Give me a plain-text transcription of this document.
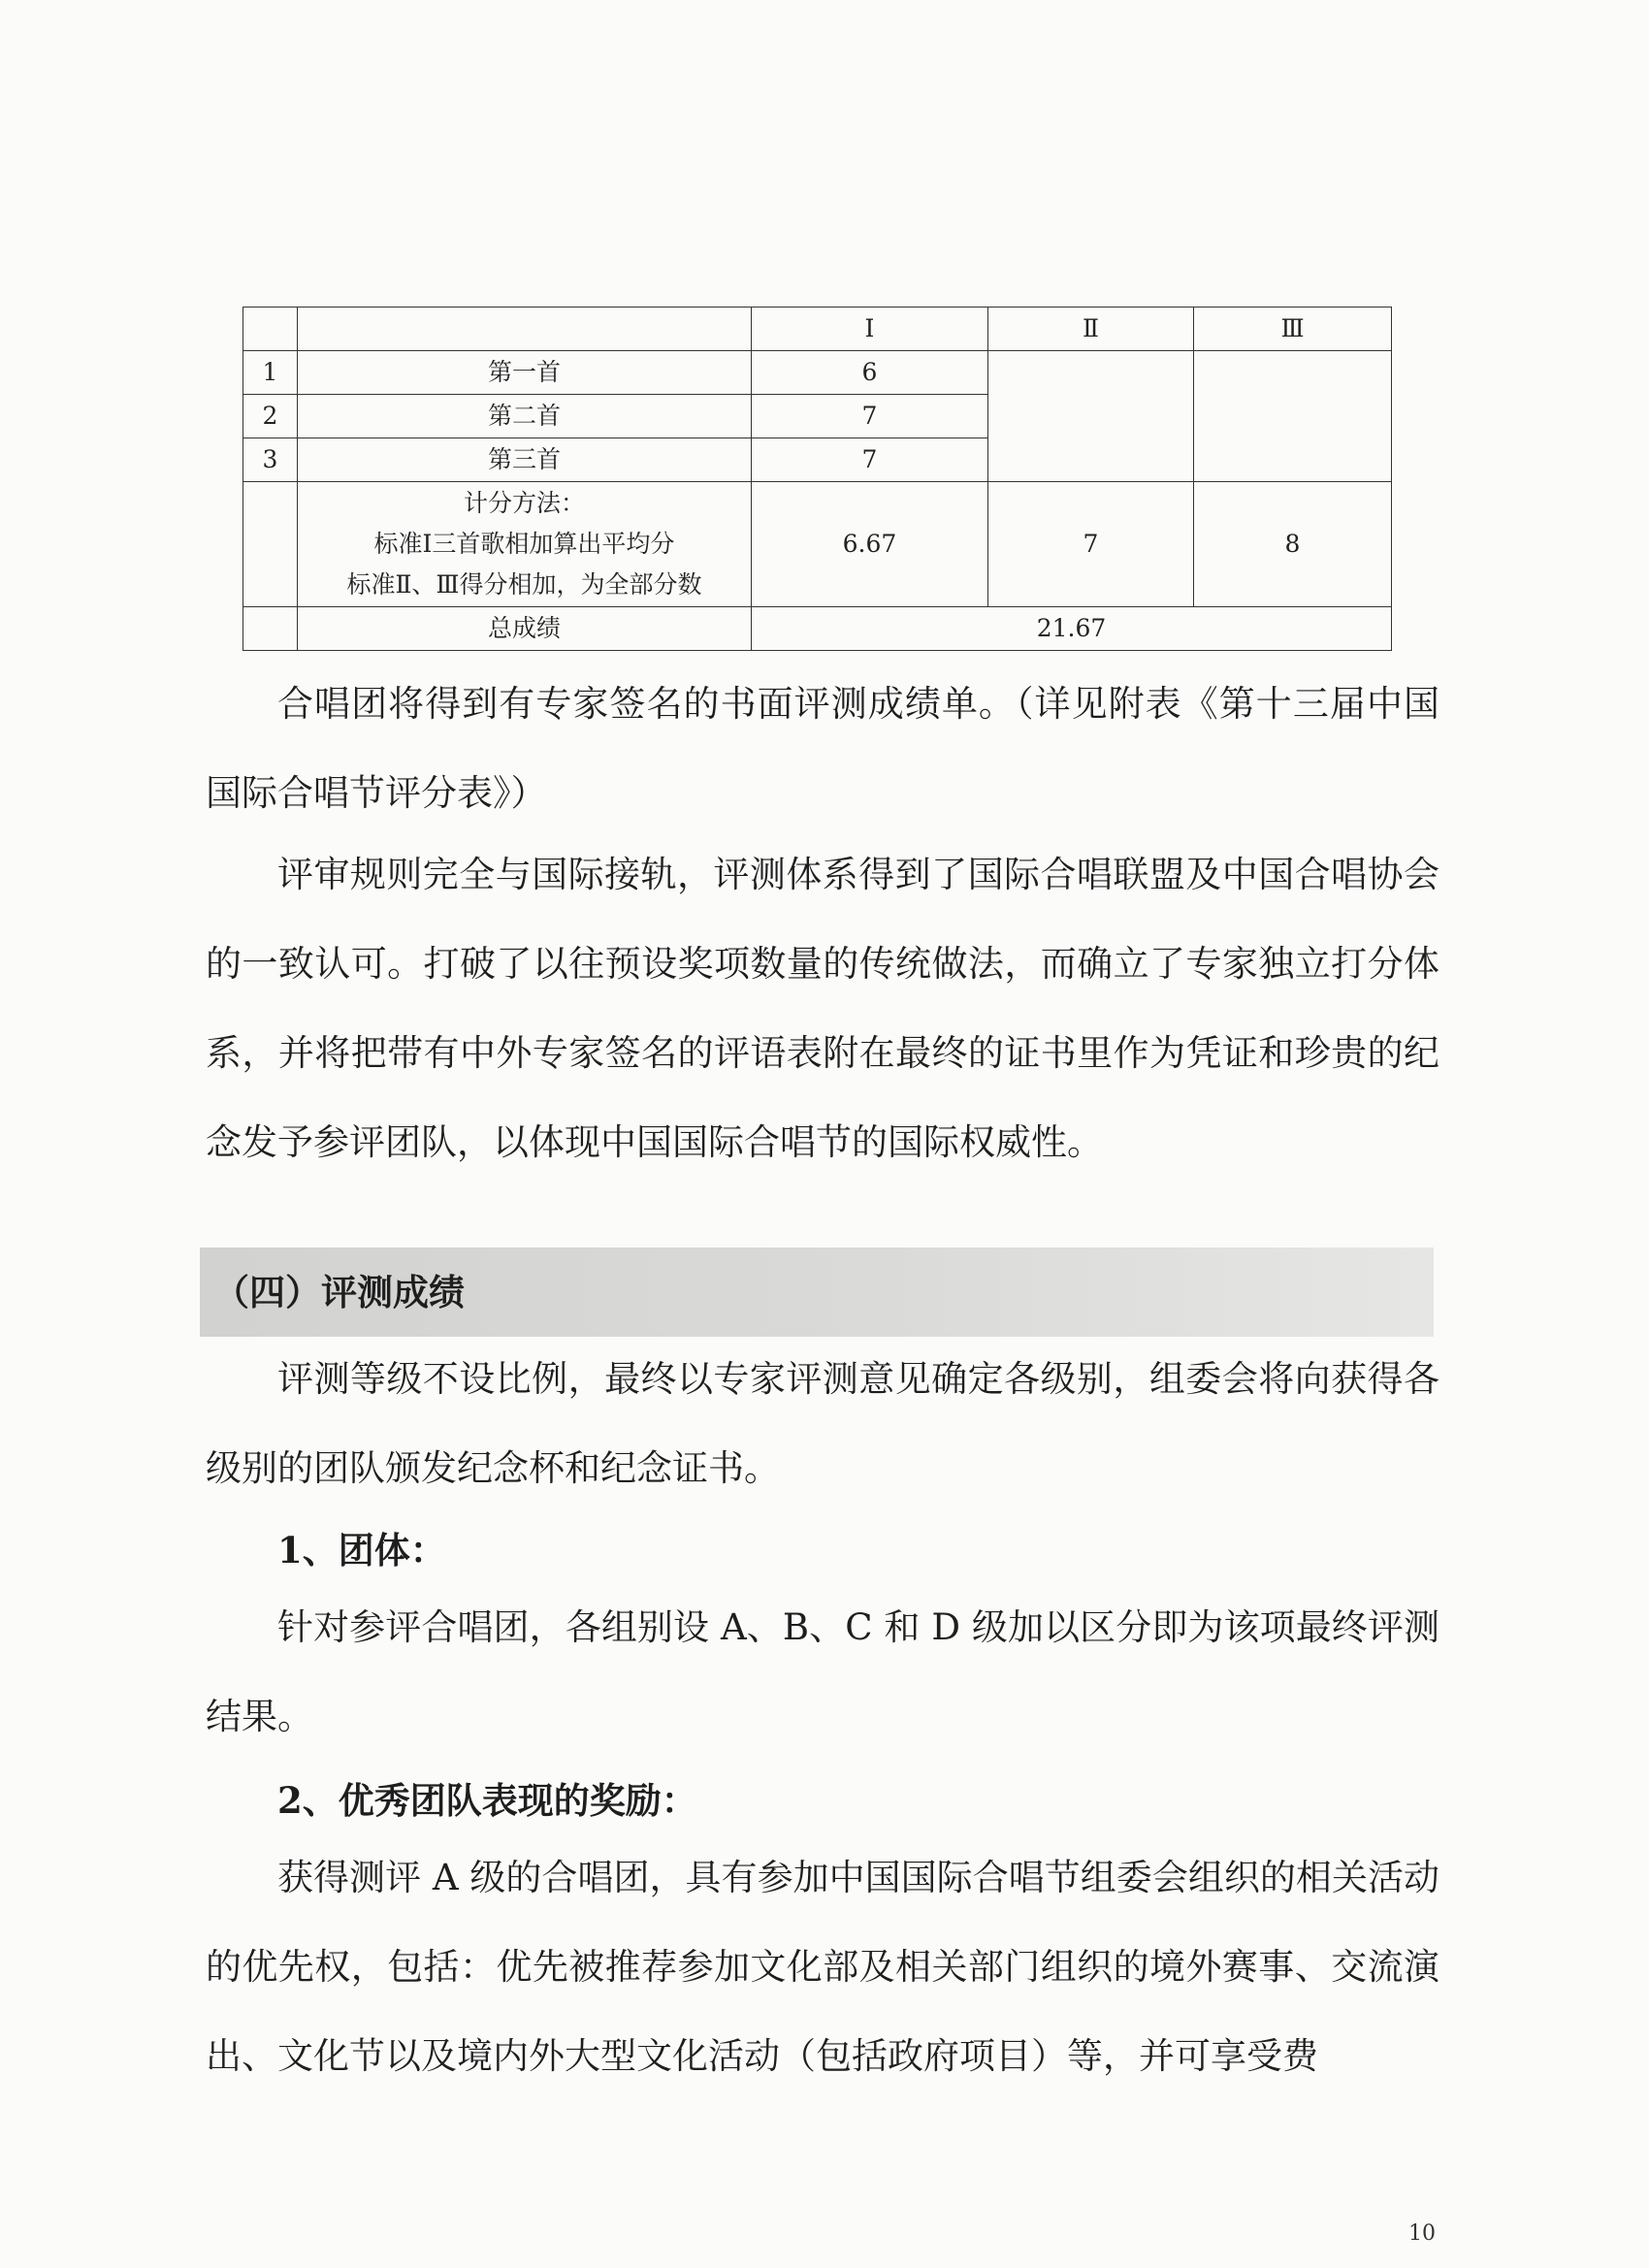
		Ⅰ	Ⅱ	Ⅲ
1	第一首	6		
2	第二首	7		
3	第三首	7		

	计分方法：
标准Ⅰ三首歌相加算出平均分
标准Ⅱ、Ⅲ得分相加，为全部分数	6.67	7	8
	总成绩	21.67		

合唱团将得到有专家签名的书面评测成绩单。（详见附表《第十三届中国国际合唱节评分表》）

评审规则完全与国际接轨，评测体系得到了国际合唱联盟及中国合唱协会的一致认可。打破了以往预设奖项数量的传统做法，而确立了专家独立打分体系，并将把带有中外专家签名的评语表附在最终的证书里作为凭证和珍贵的纪念发予参评团队，以体现中国国际合唱节的国际权威性。

（四）评测成绩

评测等级不设比例，最终以专家评测意见确定各级别，组委会将向获得各级别的团队颁发纪念杯和纪念证书。

1、团体：

针对参评合唱团，各组别设 A、B、C 和 D 级加以区分即为该项最终评测结果。

2、优秀团队表现的奖励：

获得测评 A 级的合唱团，具有参加中国国际合唱节组委会组织的相关活动的优先权，包括：优先被推荐参加文化部及相关部门组织的境外赛事、交流演出、文化节以及境内外大型文化活动（包括政府项目）等，并可享受费

10
